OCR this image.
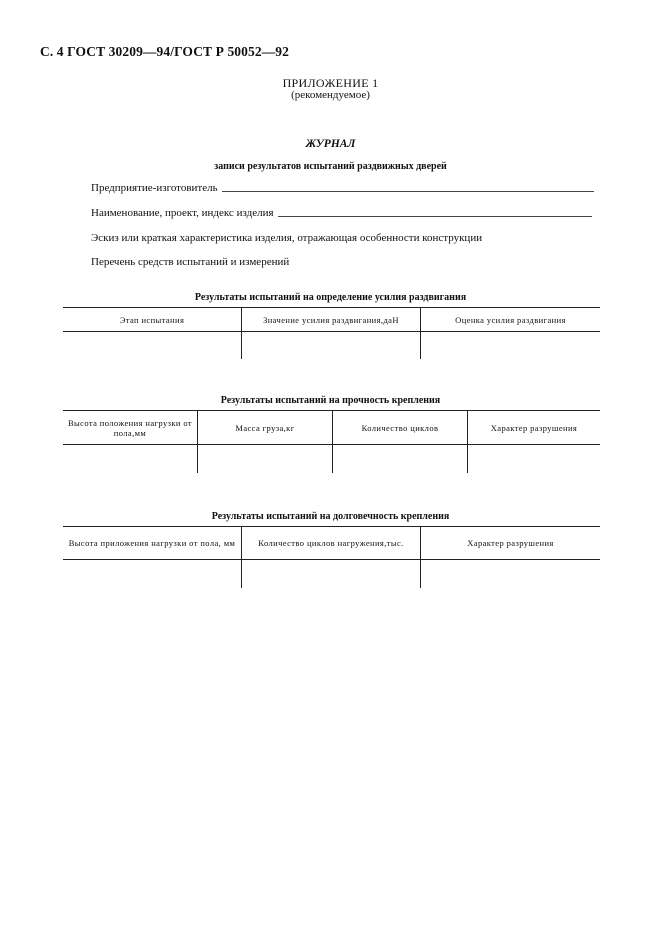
С. 4 ГОСТ 30209—94/ГОСТ Р 50052—92
ПРИЛОЖЕНИЕ 1
(рекомендуемое)
ЖУРНАЛ
записи результатов испытаний раздвижных дверей
Предприятие-изготовитель
Наименование, проект, индекс изделия
Эскиз или краткая характеристика изделия, отражающая особенности конструкции
Перечень средств испытаний и измерений
Результаты испытаний на определение усилия раздвигания
Этап испытания	Значение усилия раздвигания,даН	Оценка усилия раздвигания

Результаты испытаний на прочность крепления
Высота положения нагрузки от пола,мм	Масса груза,кг	Количество циклов	Характер разрушения

Результаты испытаний на долговечность крепления
Высота приложения нагрузки от пола, мм	Количество циклов нагружения,тыс.	Характер разрушения
